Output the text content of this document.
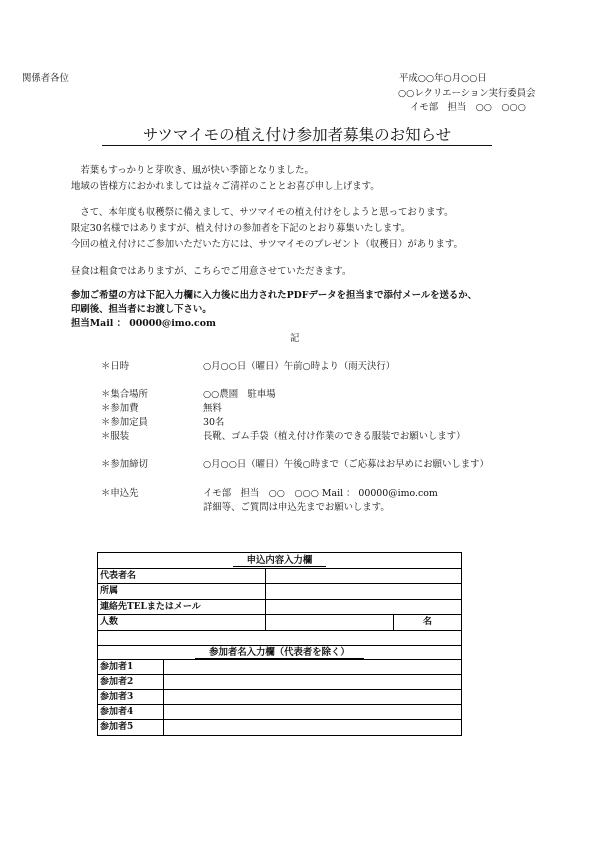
関係者各位	平成○○年○月○○日
○○レクリエーション実行委員会
イモ部　担当　○○　○○○
サツマイモの植え付け参加者募集のお知らせ
　若葉もすっかりと芽吹き、風が快い季節となりました。
地域の皆様方におかれましては益々ご清祥のこととお喜び申し上げます。
　さて、本年度も収穫祭に備えまして、サツマイモの植え付けをしようと思っております。
限定30名様ではありますが、植え付けの参加者を下記のとおり募集いたします。
今回の植え付けにご参加いただいた方には、サツマイモのプレゼント（収穫日）があります。
昼食は粗食ではありますが、こちらでご用意させていただきます。
参加ご希望の方は下記入力欄に入力後に出力されたPDFデータを担当まで添付メールを送るか、
印刷後、担当者にお渡し下さい。
担当Mail ： 00000@imo.com
記
＊日時	○月○○日（曜日）午前○時より（雨天決行）
＊集合場所	○○農園　駐車場
＊参加費	無料
＊参加定員	30名
＊服装	長靴、ゴム手袋（植え付け作業のできる服装でお願いします）
＊参加締切	○月○○日（曜日）午後○時まで（ご応募はお早めにお願いします）
＊申込先	イモ部　担当　○○　○○○ Mail ： 00000@imo.com
詳細等、ご質問は申込先までお願いします。
申込内容入力欄
代表者名
所属
連絡先TELまたはメール
人数	名
参加者名入力欄（代表者を除く）
参加者1
参加者2
参加者3
参加者4
参加者5
